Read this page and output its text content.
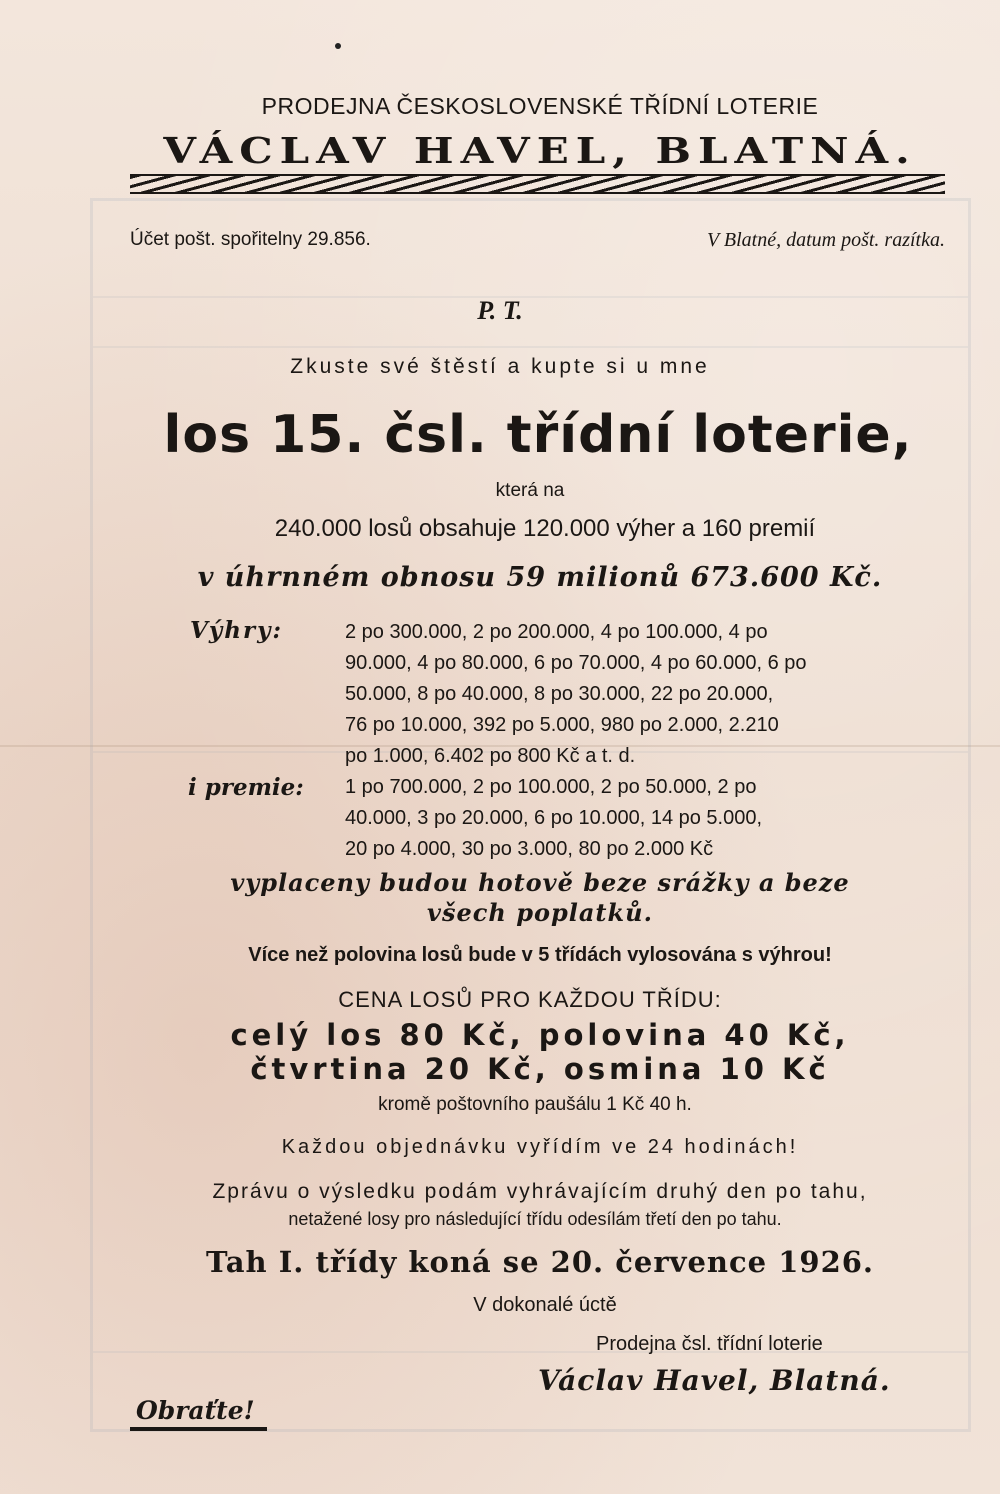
PRODEJNA ČESKOSLOVENSKÉ TŘÍDNÍ LOTERIE
VÁCLAV HAVEL, BLATNÁ.
Účet pošt. spořitelny 29.856.	V Blatné, datum pošt. razítka.
P. T.
Zkuste své štěstí a kupte si u mne
los 15. čsl. třídní loterie,
která na
240.000 losů obsahuje 120.000 výher a 160 premií
v úhrnném obnosu 59 milionů 673.600 Kč.
Výhry:	2 po 300.000, 2 po 200.000, 4 po 100.000, 4 po
90.000, 4 po 80.000, 6 po 70.000, 4 po 60.000, 6 po
50.000, 8 po 40.000, 8 po 30.000, 22 po 20.000,
76 po 10.000, 392 po 5.000, 980 po 2.000, 2.210
po 1.000, 6.402 po 800 Kč a t. d.
i premie: 1 po 700.000, 2 po 100.000, 2 po 50.000, 2 po
40.000, 3 po 20.000, 6 po 10.000, 14 po 5.000,
20 po 4.000, 30 po 3.000, 80 po 2.000 Kč
vyplaceny budou hotově beze srážky a beze
všech poplatků.
Více než polovina losů bude v 5 třídách vylosována s výhrou!
CENA LOSŮ PRO KAŽDOU TŘÍDU:
celý los 80 Kč, polovina 40 Kč,
čtvrtina 20 Kč, osmina 10 Kč
kromě poštovního paušálu 1 Kč 40 h.
Každou objednávku vyřídím ve 24 hodinách!
Zprávu o výsledku podám vyhrávajícím druhý den po tahu,
netažené losy pro následující třídu odesílám třetí den po tahu.
Tah I. třídy koná se 20. července 1926.
V dokonalé úctě
Prodejna čsl. třídní loterie
Václav Havel, Blatná.
Obraťte!
